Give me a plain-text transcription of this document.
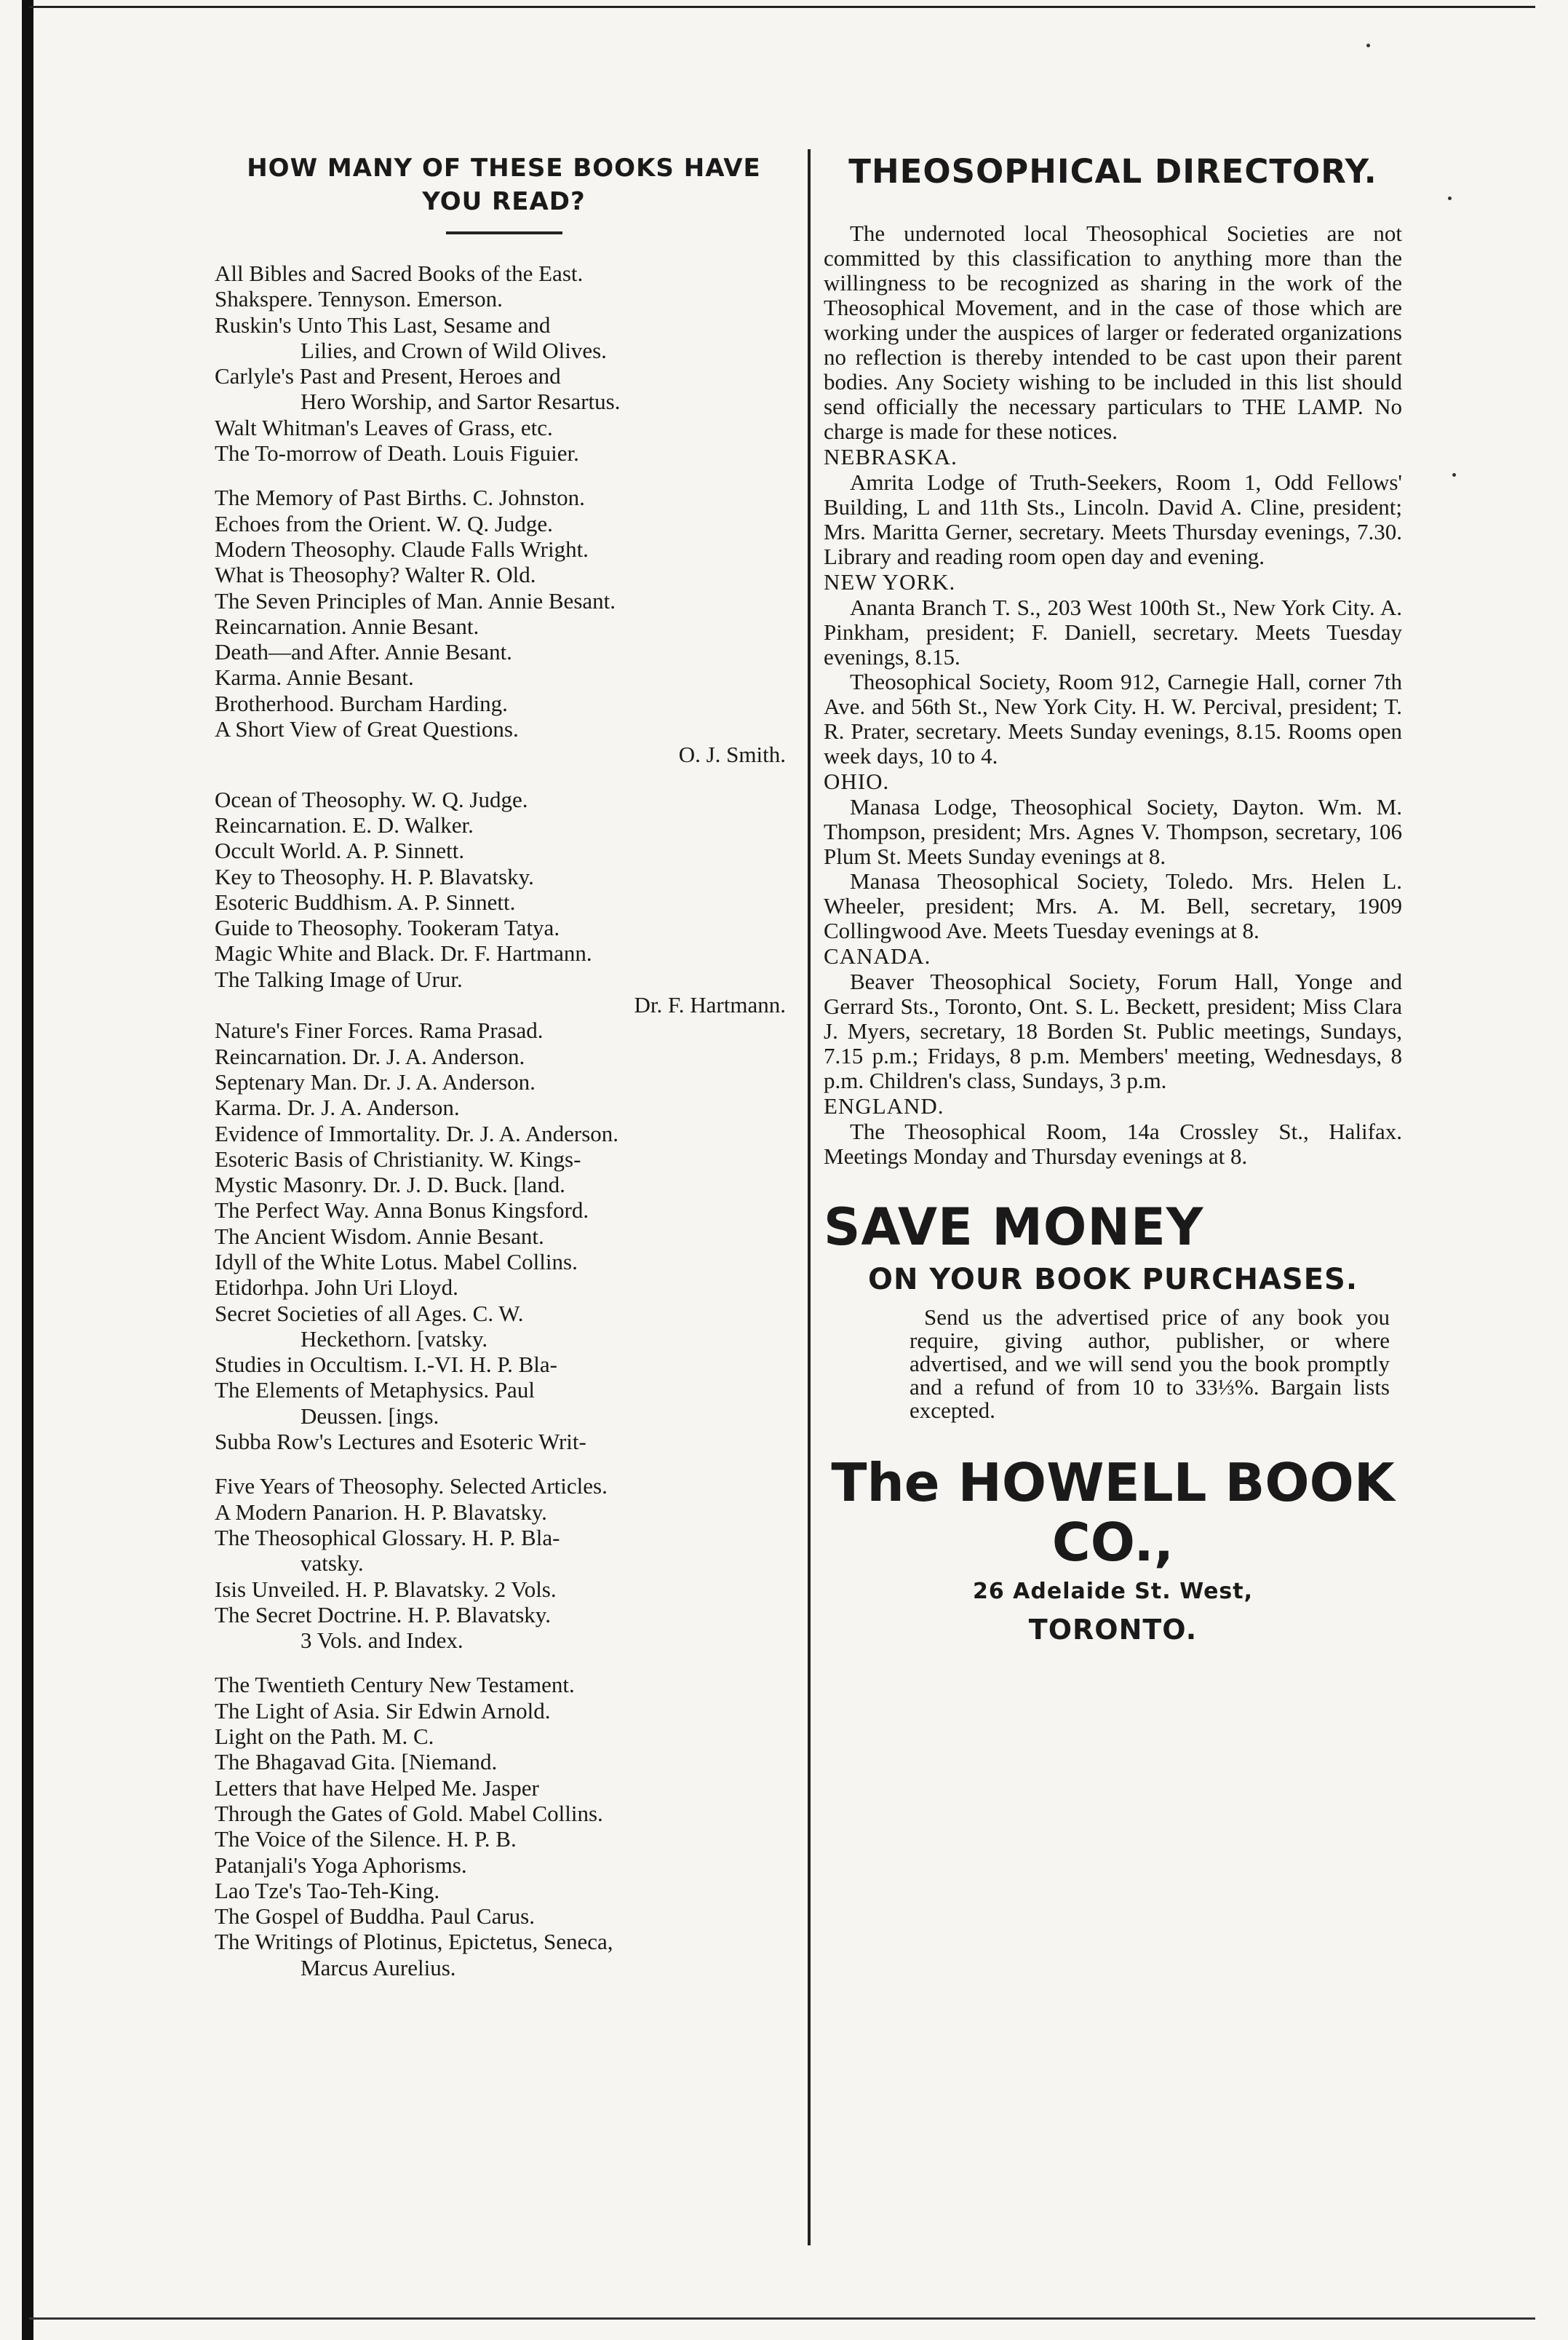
HOW MANY OF THESE BOOKS HAVE YOU READ?
All Bibles and Sacred Books of the East.
Shakspere. Tennyson. Emerson.
Ruskin's Unto This Last, Sesame and
Lilies, and Crown of Wild Olives.
Carlyle's Past and Present, Heroes and
Hero Worship, and Sartor Resartus.
Walt Whitman's Leaves of Grass, etc.
The To-morrow of Death. Louis Figuier.
The Memory of Past Births. C. Johnston.
Echoes from the Orient. W. Q. Judge.
Modern Theosophy. Claude Falls Wright.
What is Theosophy? Walter R. Old.
The Seven Principles of Man. Annie Besant.
Reincarnation. Annie Besant.
Death—and After. Annie Besant.
Karma. Annie Besant.
Brotherhood. Burcham Harding.
A Short View of Great Questions.
O. J. Smith.
Ocean of Theosophy. W. Q. Judge.
Reincarnation. E. D. Walker.
Occult World. A. P. Sinnett.
Key to Theosophy. H. P. Blavatsky.
Esoteric Buddhism. A. P. Sinnett.
Guide to Theosophy. Tookeram Tatya.
Magic White and Black. Dr. F. Hartmann.
The Talking Image of Urur.
Dr. F. Hartmann.
Nature's Finer Forces. Rama Prasad.
Reincarnation. Dr. J. A. Anderson.
Septenary Man. Dr. J. A. Anderson.
Karma. Dr. J. A. Anderson.
Evidence of Immortality. Dr. J. A. Anderson.
Esoteric Basis of Christianity. W. Kings-
Mystic Masonry. Dr. J. D. Buck. [land.
The Perfect Way. Anna Bonus Kingsford.
The Ancient Wisdom. Annie Besant.
Idyll of the White Lotus. Mabel Collins.
Etidorhpa. John Uri Lloyd.
Secret Societies of all Ages. C. W.
Heckethorn. [vatsky.
Studies in Occultism. I.-VI. H. P. Bla-
The Elements of Metaphysics. Paul
Deussen. [ings.
Subba Row's Lectures and Esoteric Writ-
Five Years of Theosophy. Selected Articles.
A Modern Panarion. H. P. Blavatsky.
The Theosophical Glossary. H. P. Bla-
vatsky.
Isis Unveiled. H. P. Blavatsky. 2 Vols.
The Secret Doctrine. H. P. Blavatsky.
3 Vols. and Index.
The Twentieth Century New Testament.
The Light of Asia. Sir Edwin Arnold.
Light on the Path. M. C.
The Bhagavad Gita. [Niemand.
Letters that have Helped Me. Jasper
Through the Gates of Gold. Mabel Collins.
The Voice of the Silence. H. P. B.
Patanjali's Yoga Aphorisms.
Lao Tze's Tao-Teh-King.
The Gospel of Buddha. Paul Carus.
The Writings of Plotinus, Epictetus, Seneca,
Marcus Aurelius.
THEOSOPHICAL DIRECTORY.

The undernoted local Theosophical Societies are not committed by this classification to anything more than the willingness to be recognized as sharing in the work of the Theosophical Movement, and in the case of those which are working under the auspices of larger or federated organizations no reflection is thereby intended to be cast upon their parent bodies. Any Society wishing to be included in this list should send officially the necessary particulars to THE LAMP. No charge is made for these notices.

NEBRASKA.

Amrita Lodge of Truth-Seekers, Room 1, Odd Fellows' Building, L and 11th Sts., Lincoln. David A. Cline, president; Mrs. Maritta Gerner, secretary. Meets Thursday evenings, 7.30. Library and reading room open day and evening.

NEW YORK.

Ananta Branch T. S., 203 West 100th St., New York City. A. Pinkham, president; F. Daniell, secretary. Meets Tuesday evenings, 8.15.

Theosophical Society, Room 912, Carnegie Hall, corner 7th Ave. and 56th St., New York City. H. W. Percival, president; T. R. Prater, secretary. Meets Sunday evenings, 8.15. Rooms open week days, 10 to 4.

OHIO.

Manasa Lodge, Theosophical Society, Dayton. Wm. M. Thompson, president; Mrs. Agnes V. Thompson, secretary, 106 Plum St. Meets Sunday evenings at 8.

Manasa Theosophical Society, Toledo. Mrs. Helen L. Wheeler, president; Mrs. A. M. Bell, secretary, 1909 Collingwood Ave. Meets Tuesday evenings at 8.

CANADA.

Beaver Theosophical Society, Forum Hall, Yonge and Gerrard Sts., Toronto, Ont. S. L. Beckett, president; Miss Clara J. Myers, secretary, 18 Borden St. Public meetings, Sundays, 7.15 p.m.; Fridays, 8 p.m. Members' meeting, Wednesdays, 8 p.m. Children's class, Sundays, 3 p.m.

ENGLAND.

The Theosophical Room, 14a Crossley St., Halifax. Meetings Monday and Thursday evenings at 8.

SAVE MONEY
ON YOUR BOOK PURCHASES.

Send us the advertised price of any book you require, giving author, publisher, or where advertised, and we will send you the book promptly and a refund of from 10 to 33⅓%. Bargain lists excepted.

The HOWELL BOOK CO.,
26 Adelaide St. West,
TORONTO.
